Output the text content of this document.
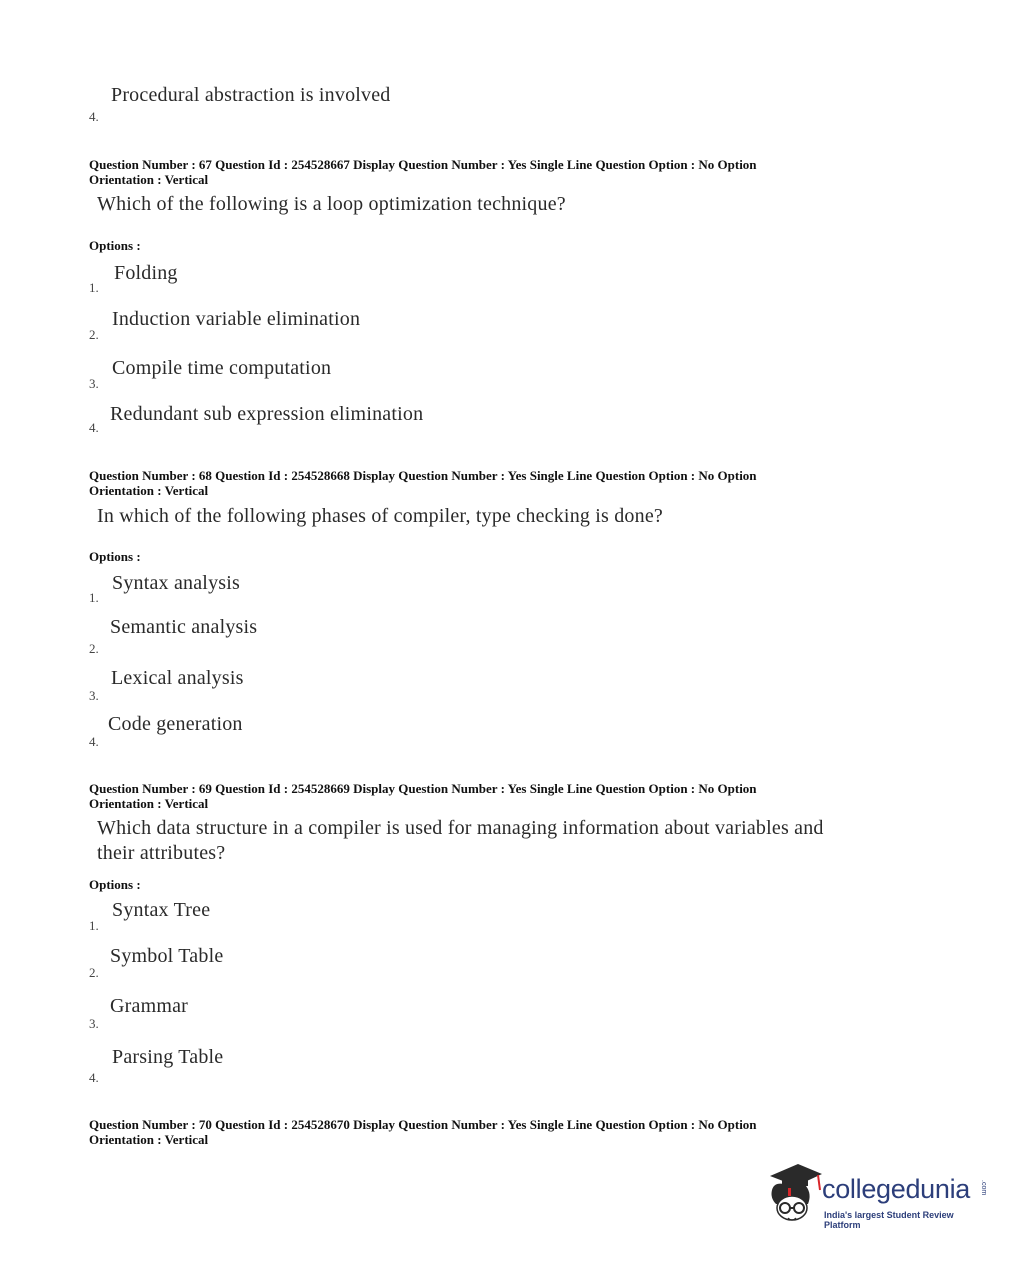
Procedural abstraction is involved
4.
Question Number : 67 Question Id : 254528667 Display Question Number : Yes Single Line Question Option : No Option
Orientation : Vertical
Which of the following is a loop optimization technique?
Options :
Folding
1.
Induction variable elimination
2.
Compile time computation
3.
Redundant sub expression elimination
4.
Question Number : 68 Question Id : 254528668 Display Question Number : Yes Single Line Question Option : No Option
Orientation : Vertical
In which of the following phases of compiler, type checking is done?
Options :
Syntax analysis
1.
Semantic analysis
2.
Lexical analysis
3.
Code generation
4.
Question Number : 69 Question Id : 254528669 Display Question Number : Yes Single Line Question Option : No Option
Orientation : Vertical
Which data structure in a compiler is used for managing information about variables and
their attributes?
Options :
Syntax Tree
1.
Symbol Table
2.
Grammar
3.
Parsing Table
4.
Question Number : 70 Question Id : 254528670 Display Question Number : Yes Single Line Question Option : No Option
Orientation : Vertical
collegedunia .com
India's largest Student Review Platform
